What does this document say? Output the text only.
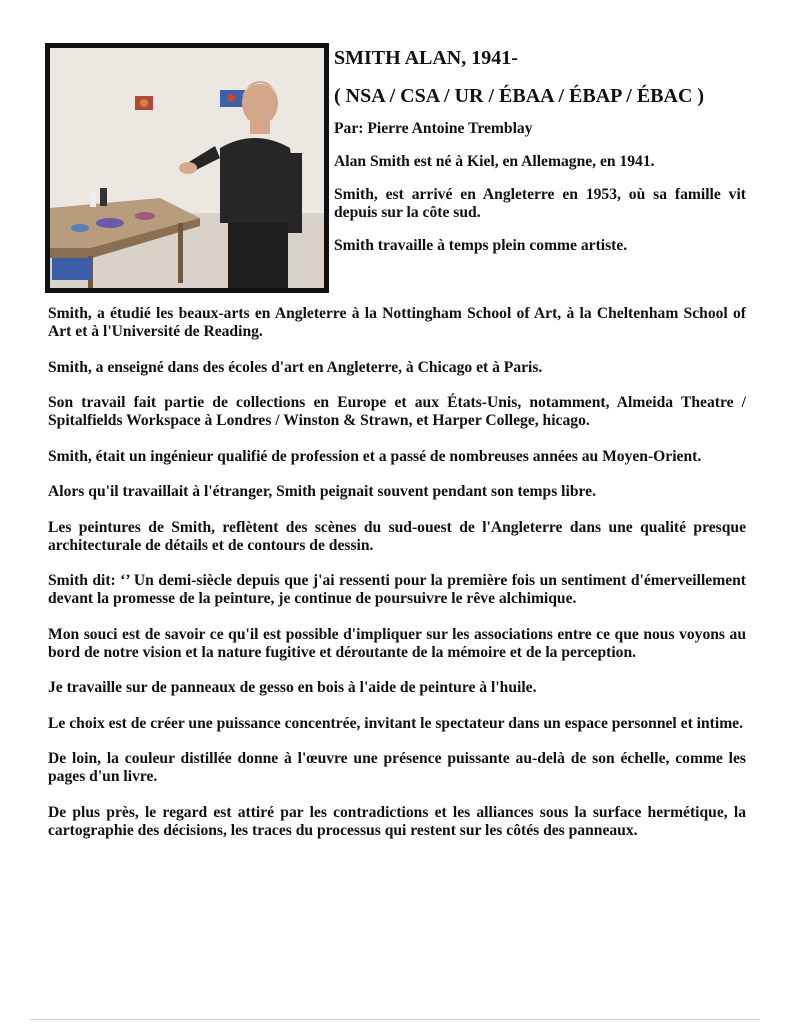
SMITH ALAN, 1941-
( NSA / CSA / UR / ÉBAA / ÉBAP / ÉBAC )
Par: Pierre Antoine Tremblay
Alan Smith est né à Kiel, en Allemagne, en 1941.
Smith, est arrivé en Angleterre en 1953, où sa famille vit depuis sur la côte sud.
Smith travaille à temps plein comme artiste.
Smith, a étudié les beaux-arts en Angleterre à la Nottingham School of Art, à la Cheltenham School of Art et à l'Université de Reading.
Smith, a enseigné dans des écoles d'art en Angleterre, à Chicago et à Paris.
Son travail fait partie de collections en Europe et aux États-Unis, notamment, Almeida Theatre / Spitalfields Workspace à Londres / Winston & Strawn, et Harper College, hicago.
Smith, était un ingénieur qualifié de profession et a passé de nombreuses années au Moyen-Orient.
Alors qu'il travaillait à l'étranger, Smith peignait souvent pendant son temps libre.
Les peintures de Smith, reflètent des scènes du sud-ouest de l'Angleterre dans une qualité presque architecturale de détails et de contours de dessin.
Smith dit: ‘’ Un demi-siècle depuis que j'ai ressenti pour la première fois un sentiment d'émerveillement devant la promesse de la peinture, je continue de poursuivre le rêve alchimique.
Mon souci est de savoir ce qu'il est possible d'impliquer sur les associations entre ce que nous voyons au bord de notre vision et la nature fugitive et déroutante de la mémoire et de la perception.
Je travaille sur de panneaux de gesso en bois à l'aide de peinture à l'huile.
Le choix est de créer une puissance concentrée, invitant le spectateur dans un espace personnel et intime.
De loin, la couleur distillée donne à l'œuvre une présence puissante au-delà de son échelle, comme les pages d'un livre.
De plus près, le regard est attiré par les contradictions et les alliances sous la surface hermétique, la cartographie des décisions, les traces du processus qui restent sur les côtés des panneaux.
